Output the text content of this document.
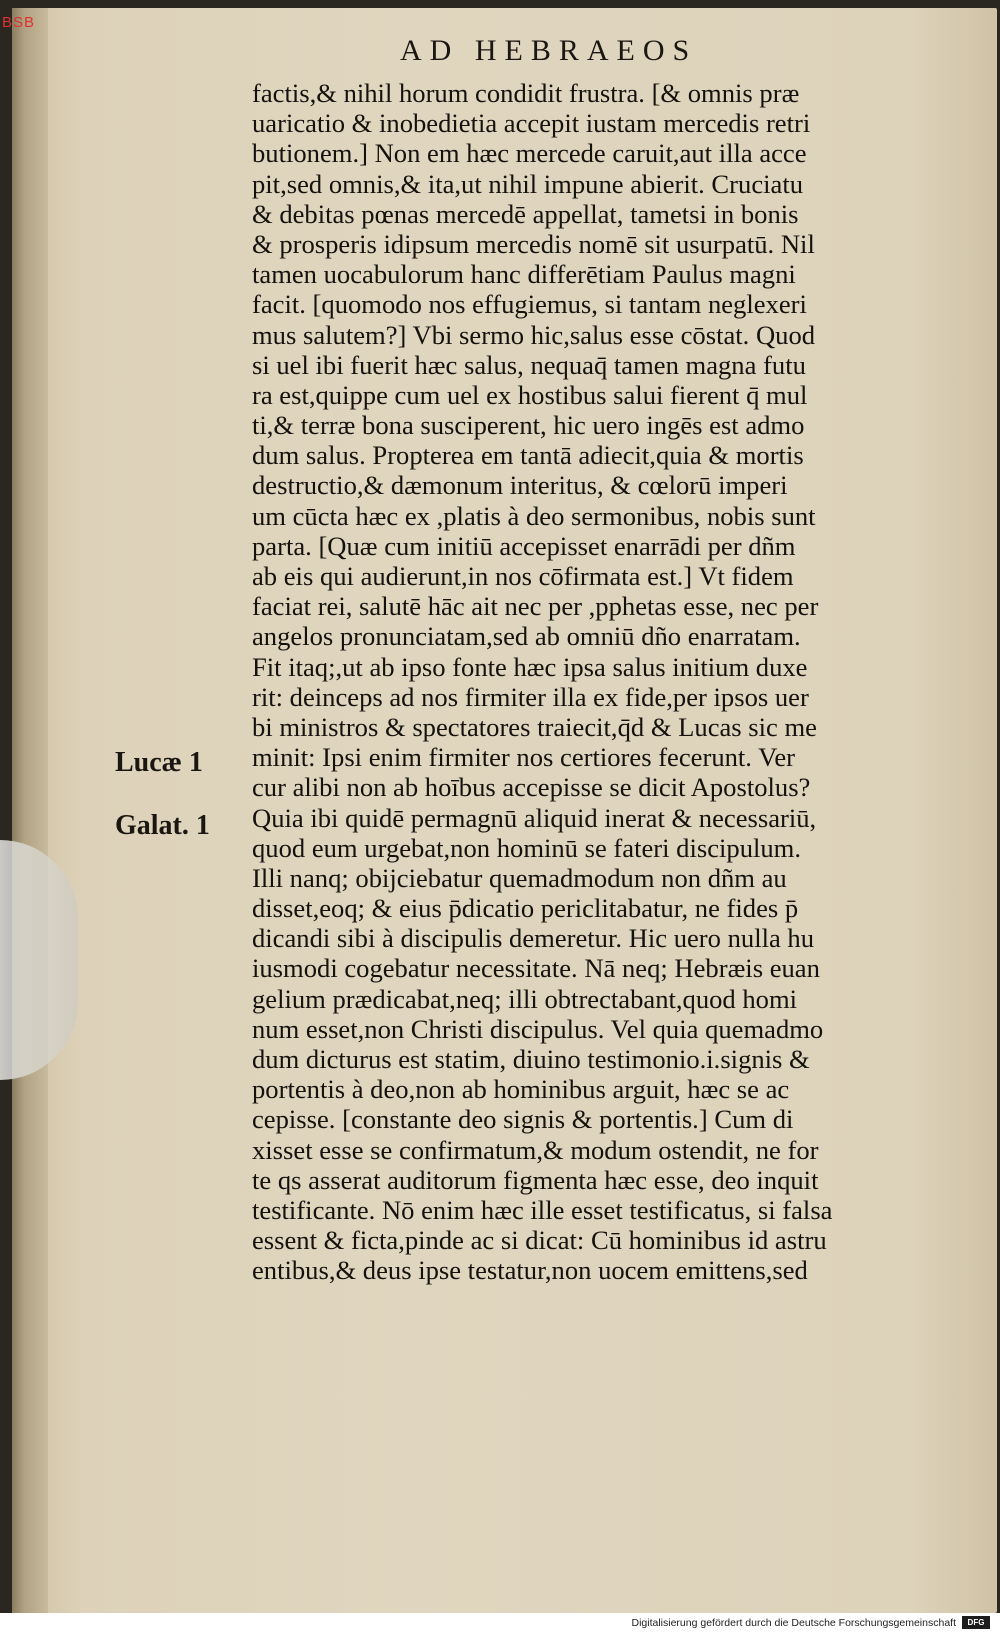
BSB
AD HEBRAEOS
Lucæ 1
Galat. 1
factis,& nihil horum condidit frustra. [& omnis præ
uaricatio & inobedietia accepit iustam mercedis retri
butionem.] Non em hæc mercede caruit,aut illa acce
pit,sed omnis,& ita,ut nihil impune abierit. Cruciatu
& debitas pœnas mercedē appellat, tametsi in bonis
& prosperis idipsum mercedis nomē sit usurpatū. Nil
tamen uocabulorum hanc differētiam Paulus magni
facit. [quomodo nos effugiemus, si tantam neglexeri
mus salutem?] Vbi sermo hic,salus esse cōstat. Quod
si uel ibi fuerit hæc salus, nequaq̄ tamen magna futu
ra est,quippe cum uel ex hostibus salui fierent q̄ mul
ti,& terræ bona susciperent, hic uero ingēs est admo
dum salus. Propterea em tantā adiecit,quia & mortis
destructio,& dæmonum interitus, & cœlorū imperi
um cūcta hæc ex ,platis à deo sermonibus, nobis sunt
parta. [Quæ cum initiū accepisset enarrādi per dñm
ab eis qui audierunt,in nos cōfirmata est.] Vt fidem
faciat rei, salutē hāc ait nec per ,pphetas esse, nec per
angelos pronunciatam,sed ab omniū dño enarratam.
Fit itaq;,ut ab ipso fonte hæc ipsa salus initium duxe
rit: deinceps ad nos firmiter illa ex fide,per ipsos uer
bi ministros & spectatores traiecit,q̄d & Lucas sic me
minit: Ipsi enim firmiter nos certiores fecerunt. Ver
cur alibi non ab hoībus accepisse se dicit Apostolus?
Quia ibi quidē permagnū aliquid inerat & necessariū,
quod eum urgebat,non hominū se fateri discipulum.
Illi nanq; obijciebatur quemadmodum non dñm au
disset,eoq; & eius p̄dicatio periclitabatur, ne fides p̄
dicandi sibi à discipulis demeretur. Hic uero nulla hu
iusmodi cogebatur necessitate. Nā neq; Hebræis euan
gelium prædicabat,neq; illi obtrectabant,quod homi
num esset,non Christi discipulus. Vel quia quemadmo
dum dicturus est statim, diuino testimonio.i.signis &
portentis à deo,non ab hominibus arguit, hæc se ac
cepisse. [constante deo signis & portentis.] Cum di
xisset esse se confirmatum,& modum ostendit, ne for
te qs asserat auditorum figmenta hæc esse, deo inquit
testificante. Nō enim hæc ille esset testificatus, si falsa
essent & ficta,pinde ac si dicat: Cū hominibus id astru
entibus,& deus ipse testatur,non uocem emittens,sed
Digitalisierung gefördert durch die Deutsche Forschungsgemeinschaft	DFG
